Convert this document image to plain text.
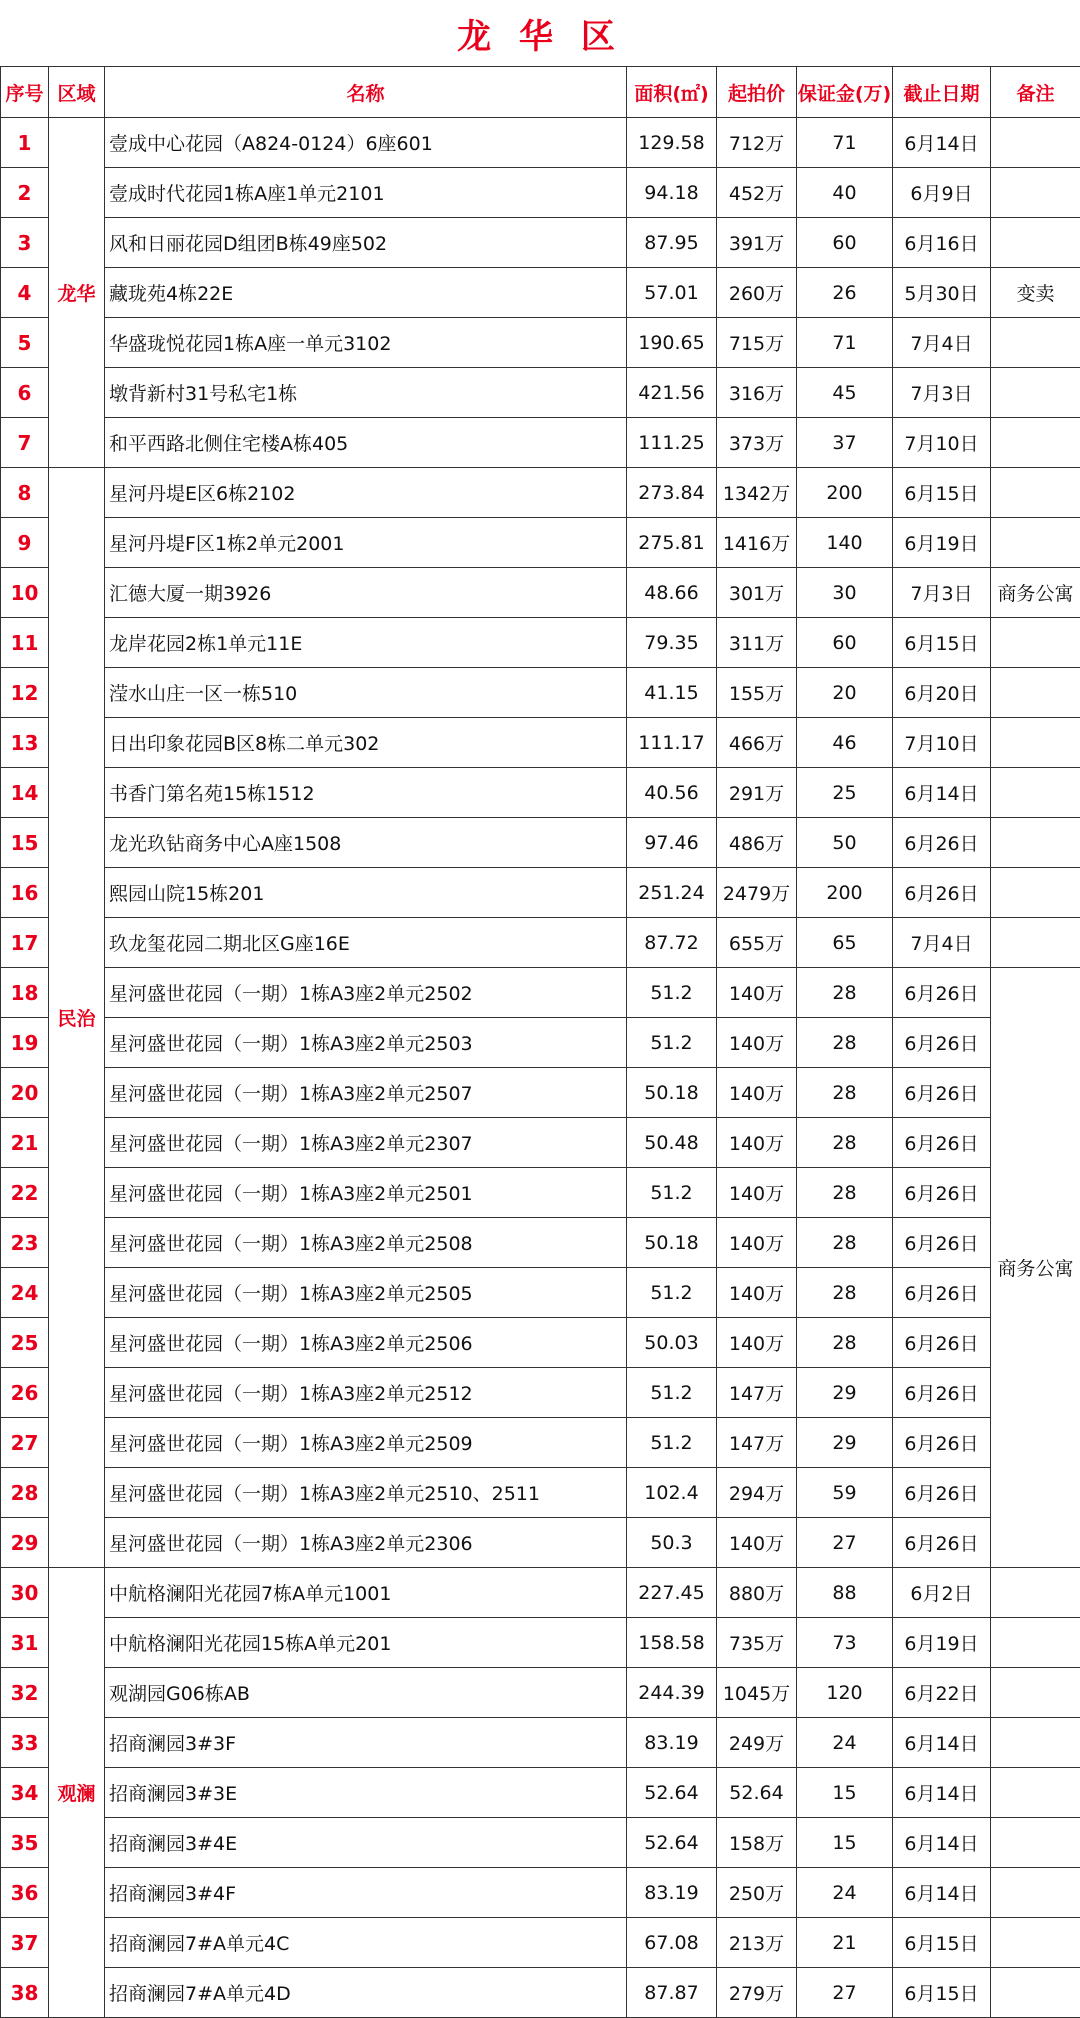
龙 华 区
序号	区域	名称	面积(㎡)	起拍价	保证金(万)	截止日期	备注
1	龙华	壹成中心花园（A824-0124）6座601	129.58	712万	71	6月14日	
2		壹成时代花园1栋A座1单元2101	94.18	452万	40	6月9日	
3		风和日丽花园D组团B栋49座502	87.95	391万	60	6月16日	
4		藏珑苑4栋22E	57.01	260万	26	5月30日	变卖
5		华盛珑悦花园1栋A座一单元3102	190.65	715万	71	7月4日	
6		墩背新村31号私宅1栋	421.56	316万	45	7月3日	
7		和平西路北侧住宅楼A栋405	111.25	373万	37	7月10日	
8	民治	星河丹堤E区6栋2102	273.84	1342万	200	6月15日	
9		星河丹堤F区1栋2单元2001	275.81	1416万	140	6月19日	
10		汇德大厦一期3926	48.66	301万	30	7月3日	商务公寓
11		龙岸花园2栋1单元11E	79.35	311万	60	6月15日	
12		滢水山庄一区一栋510	41.15	155万	20	6月20日	
13		日出印象花园B区8栋二单元302	111.17	466万	46	7月10日	
14		书香门第名苑15栋1512	40.56	291万	25	6月14日	
15		龙光玖钻商务中心A座1508	97.46	486万	50	6月26日	
16		熙园山院15栋201	251.24	2479万	200	6月26日	
17		玖龙玺花园二期北区G座16E	87.72	655万	65	7月4日	
18		星河盛世花园（一期）1栋A3座2单元2502	51.2	140万	28	6月26日	商务公寓
19		星河盛世花园（一期）1栋A3座2单元2503	51.2	140万	28	6月26日	
20		星河盛世花园（一期）1栋A3座2单元2507	50.18	140万	28	6月26日	
21		星河盛世花园（一期）1栋A3座2单元2307	50.48	140万	28	6月26日	
22		星河盛世花园（一期）1栋A3座2单元2501	51.2	140万	28	6月26日	
23		星河盛世花园（一期）1栋A3座2单元2508	50.18	140万	28	6月26日	
24		星河盛世花园（一期）1栋A3座2单元2505	51.2	140万	28	6月26日	
25		星河盛世花园（一期）1栋A3座2单元2506	50.03	140万	28	6月26日	
26		星河盛世花园（一期）1栋A3座2单元2512	51.2	147万	29	6月26日	
27		星河盛世花园（一期）1栋A3座2单元2509	51.2	147万	29	6月26日	
28		星河盛世花园（一期）1栋A3座2单元2510、2511	102.4	294万	59	6月26日	
29		星河盛世花园（一期）1栋A3座2单元2306	50.3	140万	27	6月26日	
30	观澜	中航格澜阳光花园7栋A单元1001	227.45	880万	88	6月2日	
31		中航格澜阳光花园15栋A单元201	158.58	735万	73	6月19日	
32		观湖园G06栋AB	244.39	1045万	120	6月22日	
33		招商澜园3#3F	83.19	249万	24	6月14日	
34		招商澜园3#3E	52.64	52.64	15	6月14日	
35		招商澜园3#4E	52.64	158万	15	6月14日	
36		招商澜园3#4F	83.19	250万	24	6月14日	
37		招商澜园7#A单元4C	67.08	213万	21	6月15日	
38		招商澜园7#A单元4D	87.87	279万	27	6月15日	
